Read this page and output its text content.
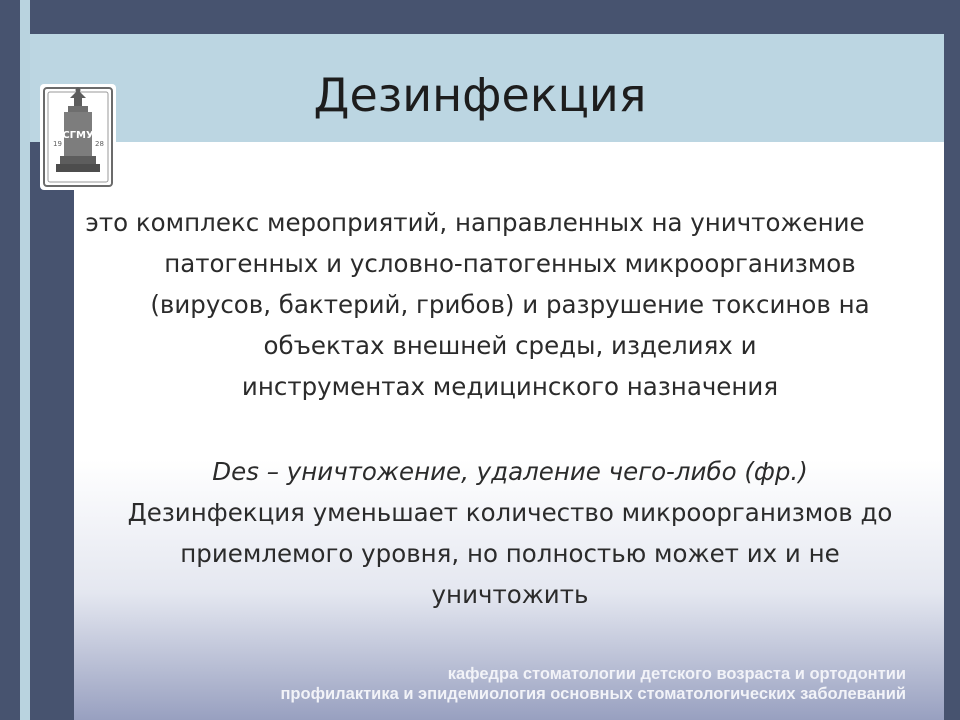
19	28
СГМУ
Дезинфекция

это комплекс мероприятий, направленных на уничтожение
патогенных и условно-патогенных микроорганизмов
(вирусов, бактерий, грибов) и разрушение токсинов на
объектах внешней среды, изделиях и
инструментах медицинского назначения

Des – уничтожение, удаление чего-либо (фр.)

Дезинфекция уменьшает количество микроорганизмов до
приемлемого уровня, но полностью может их и не
уничтожить

кафедра стоматологии детского возраста и ортодонтии
профилактика и эпидемиология основных стоматологических заболеваний
